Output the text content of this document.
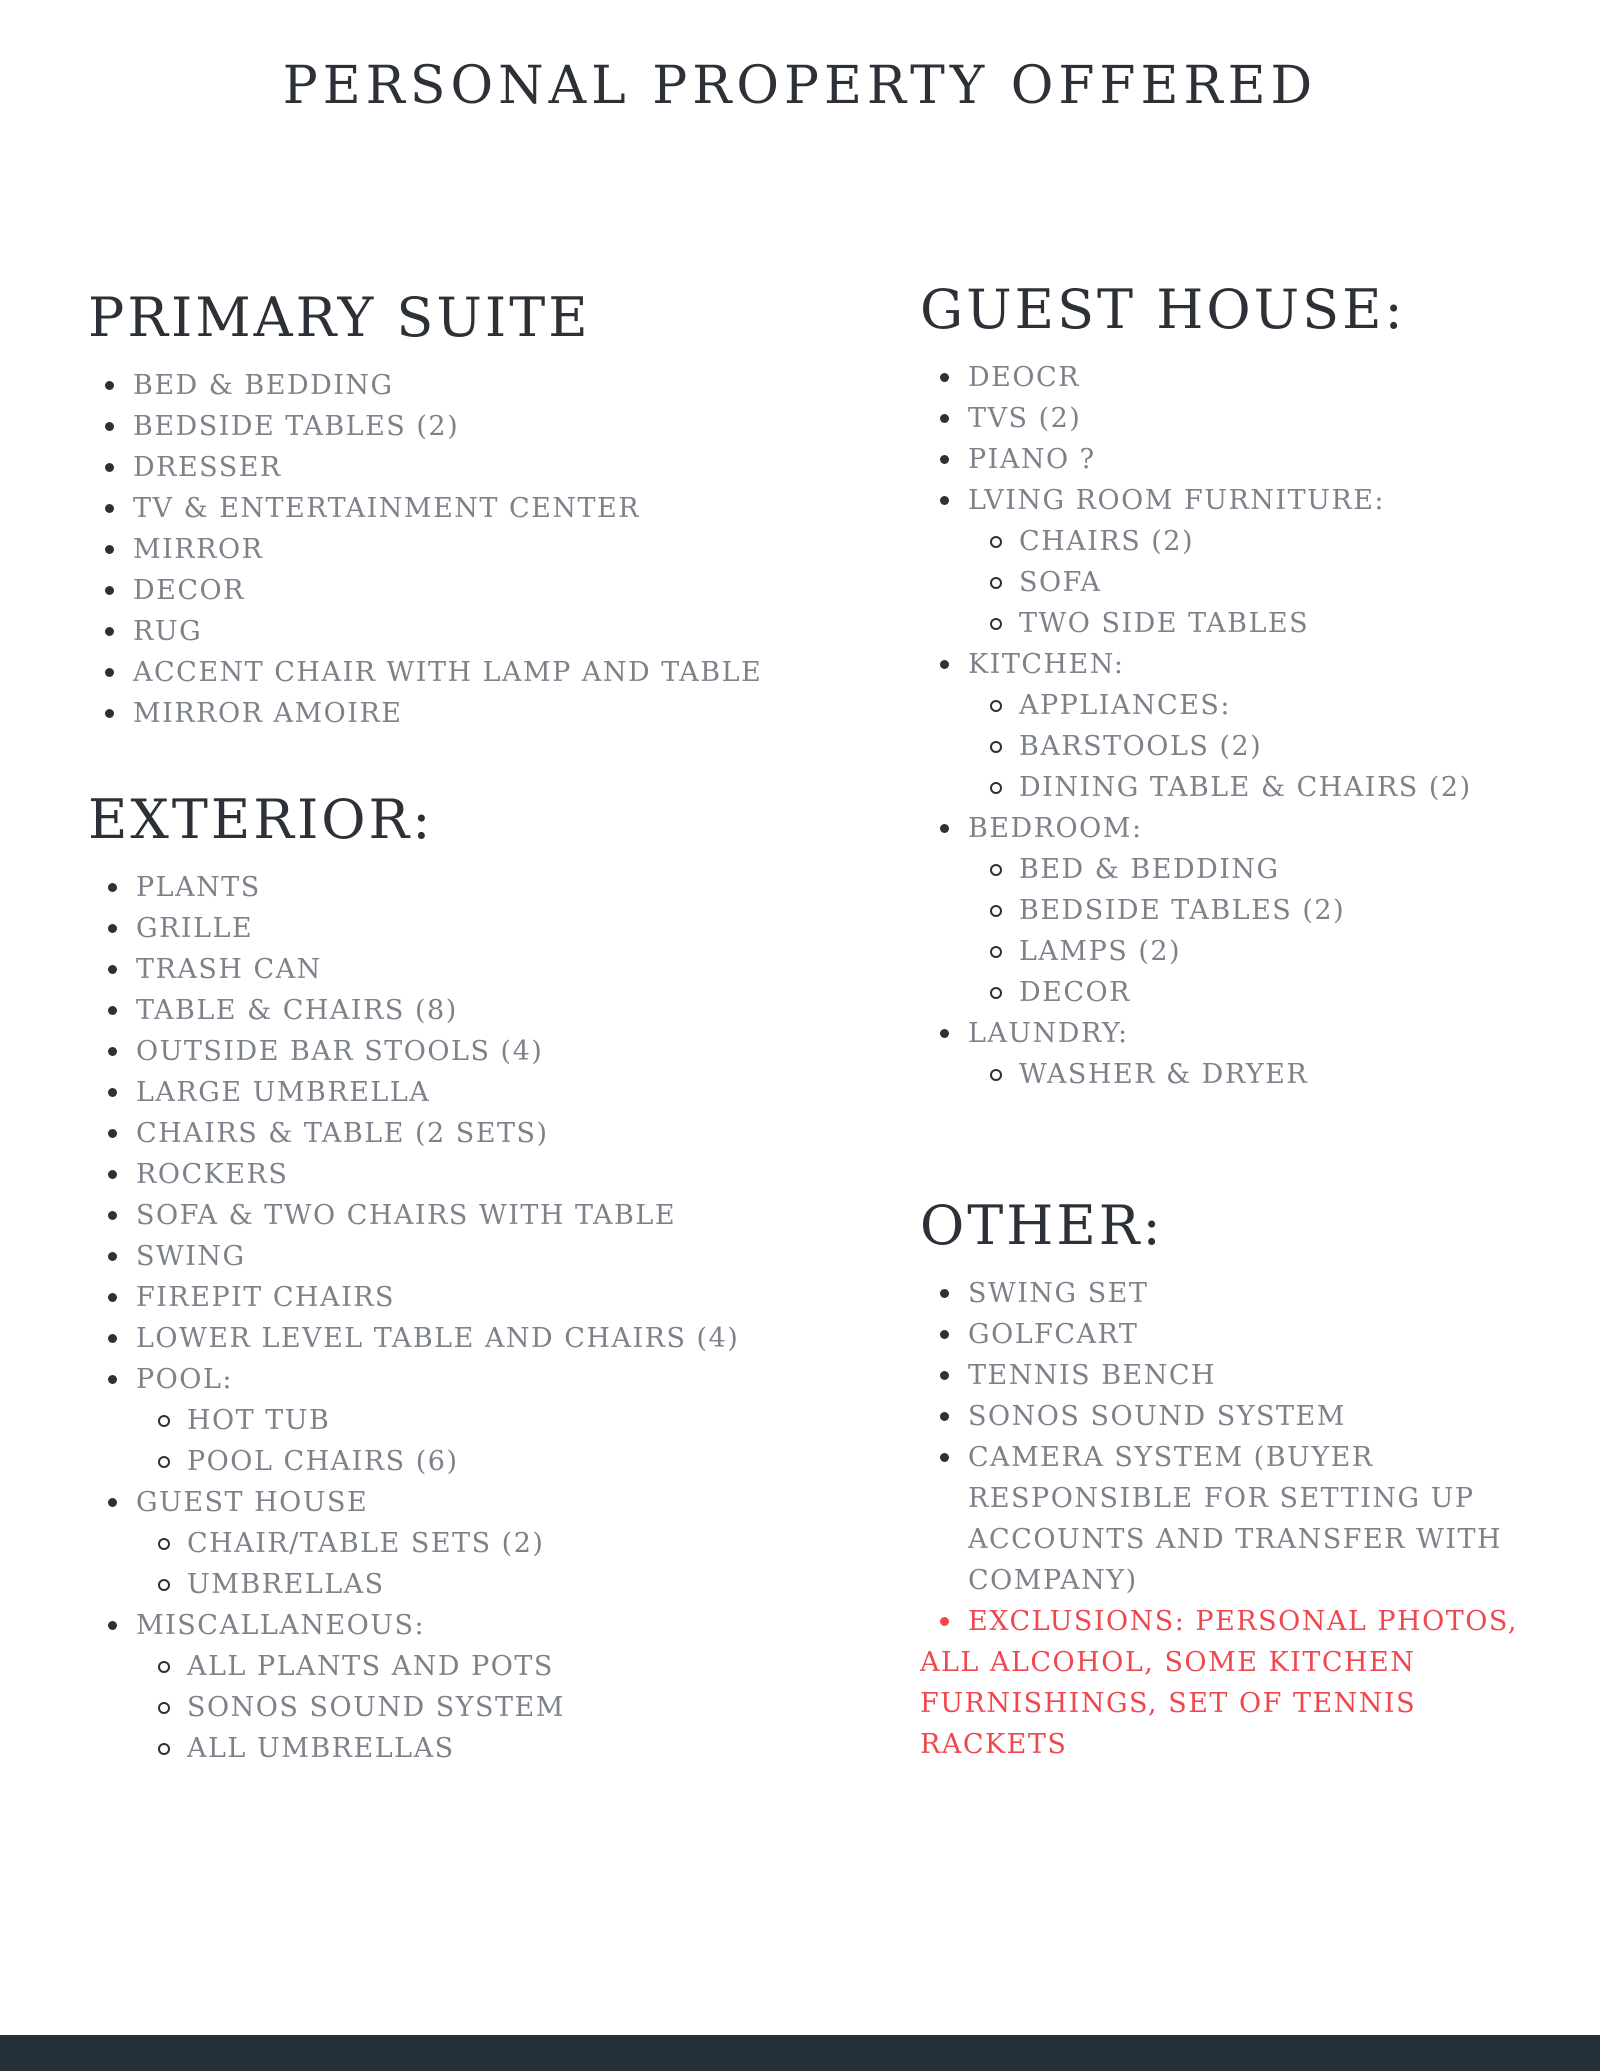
PERSONAL PROPERTY OFFERED
PRIMARY SUITE
BED & BEDDING
BEDSIDE TABLES (2)
DRESSER
TV & ENTERTAINMENT CENTER
MIRROR
DECOR
RUG
ACCENT CHAIR WITH LAMP AND TABLE
MIRROR AMOIRE
EXTERIOR:
PLANTS
GRILLE
TRASH CAN
TABLE & CHAIRS (8)
OUTSIDE BAR STOOLS (4)
LARGE UMBRELLA
CHAIRS & TABLE (2 SETS)
ROCKERS
SOFA & TWO CHAIRS WITH TABLE
SWING
FIREPIT CHAIRS
LOWER LEVEL TABLE AND CHAIRS (4)
POOL:
HOT TUB
POOL CHAIRS (6)
GUEST HOUSE
CHAIR/TABLE SETS (2)
UMBRELLAS
MISCALLANEOUS:
ALL PLANTS AND POTS
SONOS SOUND SYSTEM
ALL UMBRELLAS
GUEST HOUSE:
DEOCR
TVS (2)
PIANO ?
LVING ROOM FURNITURE:
CHAIRS (2)
SOFA
TWO SIDE TABLES
KITCHEN:
APPLIANCES:
BARSTOOLS (2)
DINING TABLE & CHAIRS (2)
BEDROOM:
BED & BEDDING
BEDSIDE TABLES (2)
LAMPS (2)
DECOR
LAUNDRY:
WASHER & DRYER
OTHER:
SWING SET
GOLFCART
TENNIS BENCH
SONOS SOUND SYSTEM
CAMERA SYSTEM (BUYER RESPONSIBLE FOR SETTING UP ACCOUNTS AND TRANSFER WITH COMPANY)

EXCLUSIONS: PERSONAL PHOTOS, ALL ALCOHOL, SOME KITCHEN FURNISHINGS, SET OF TENNIS RACKETS
